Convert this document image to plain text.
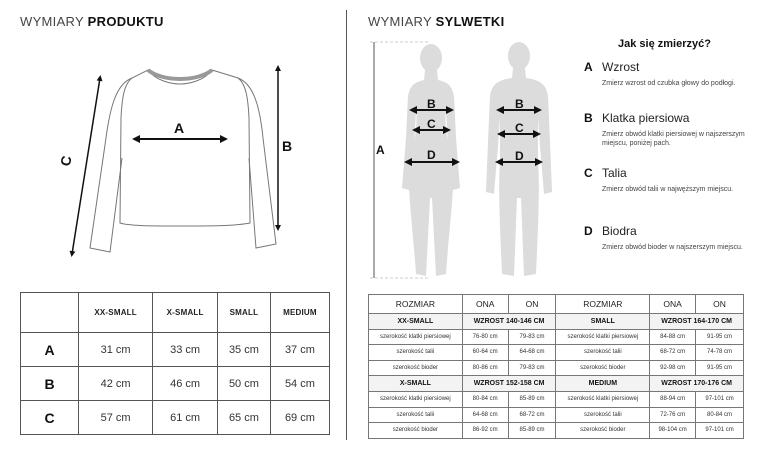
WYMIARY PRODUKTU	WYMIARY SYLWETKI
A
B
C
	XX-SMALL	X-SMALL	SMALL	MEDIUM
A	31 cm	33 cm	35 cm	37 cm
B	42 cm	46 cm	50 cm	54 cm
C	57 cm	61 cm	65 cm	69 cm
A
B
C
D
B
C
D
Jak się zmierzyć?
A Wzrost
Zmierz wzrost od czubka głowy do podłogi.
B Klatka piersiowa
Zmierz obwód klatki piersiowej w najszerszym miejscu, poniżej pach.
C Talia
Zmierz obwód talii w najwęższym miejscu.
D Biodra
Zmierz obwód bioder w najszerszym miejscu.
ROZMIAR	ONA	ON	ROZMIAR	ONA	ON
XX-SMALL	WZROST 140-146 CM		SMALL	WZROST 164-170 CM	
szerokość klatki piersiowej	76-80 cm	79-83 cm	szerokość klatki piersiowej	84-88 cm	91-95 cm
szerokość talii	60-64 cm	64-68 cm	szerokość talii	68-72 cm	74-78 cm
szerokość bioder	80-86 cm	79-83 cm	szerokość bioder	92-98 cm	91-95 cm
X-SMALL	WZROST 152-158 CM		MEDIUM	WZROST 170-176 CM	
szerokość klatki piersiowej	80-84 cm	85-89 cm	szerokość klatki piersiowej	88-94 cm	97-101 cm
szerokość talii	64-68 cm	68-72 cm	szerokość talii	72-76 cm	80-84 cm
szerokość bioder	86-92 cm	85-89 cm	szerokość bioder	98-104 cm	97-101 cm
